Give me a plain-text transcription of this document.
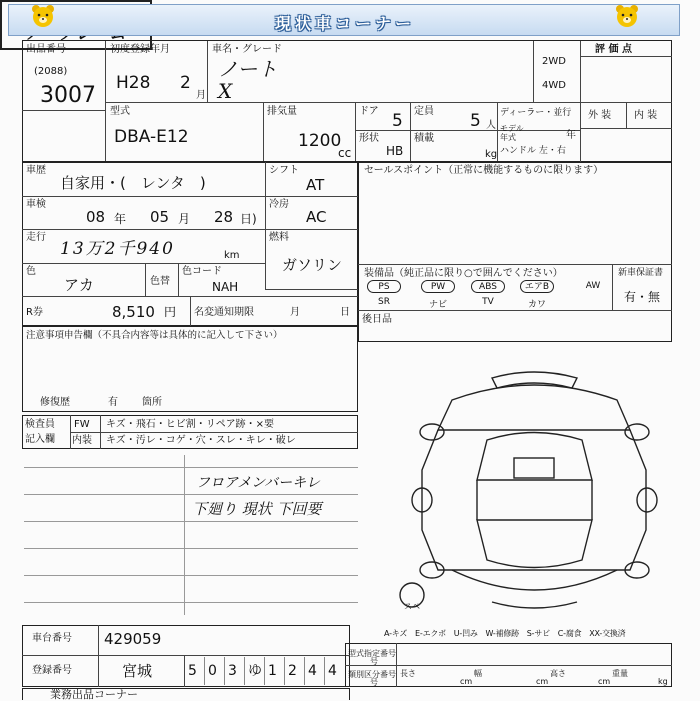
現状車コーナー
出品番号
(2088)
3007
初度登録年月
H28 2
月
車名・グレード
ノート
X
2WD
4WD
評 価 点
外 装 内 装
型式
DBA-E12
排気量
1200
cc
ドア 5 定員 5 人
形状
HB
積載
kg
ディーラー・並行
モデル
年式	年
ハンドル 左・右
車歴
自家用・(　レンタ　)
シフト
AT
車検
08 年 05 月 28 日)
冷房
AC
走行
13万2千940	km
燃料
ガソリン
色
アカ	色替
色コード
NAH
R券	8,510 円 名変通知期限	月	日
セールスポイント（正常に機能するものに限ります）
装備品（純正品に限り○で囲んでください）	新車保証書
有・無
PS	PW	ABS	エアB	AW
SR	ナビ	TV	カワ
後日品
注意事項申告欄（不具合内容等は具体的に記入して下さい）
修復歴	有 箇所
検査員
記入欄
FW キズ・飛石・ヒビ割・リペア跡・×要
内装 キズ・汚レ・コゲ・穴・スレ・キレ・破レ
フロアメンバーキレ
下廻り 現状 下回要
スペ
A-キズ　E-エクボ　U-凹み　W-補修跡　S-サビ　C-腐食　XX-交換済
車台番号 429059
登録番号	宮城	5 0 3 ゆ 1 2 4 4
型式指定番号
号
類別区分番号
号
長さ
cm
幅
cm
高さ
cm
重量
kg
業務出品コーナー
